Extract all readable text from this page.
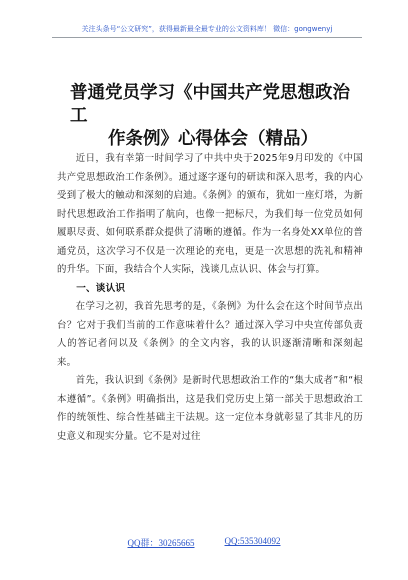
关注头条号“公文研究”，获得最新最全最专业的公文资料库！ 微信：gongwenyj
普通党员学习《中国共产党思想政治工
作条例》心得体会（精品）

近日，我有幸第一时间学习了中共中央于2025年9月印发的《中国共产党思想政治工作条例》。通过逐字逐句的研读和深入思考，我的内心受到了极大的触动和深刻的启迪。《条例》的颁布，犹如一座灯塔，为新时代思想政治工作指明了航向，也像一把标尺，为我们每一位党员如何履职尽责、如何联系群众提供了清晰的遵循。作为一名身处XX单位的普通党员，这次学习不仅是一次理论的充电，更是一次思想的洗礼和精神的升华。下面，我结合个人实际，浅谈几点认识、体会与打算。

一、谈认识

在学习之初，我首先思考的是，《条例》为什么会在这个时间节点出台？它对于我们当前的工作意味着什么？通过深入学习中央宣传部负责人的答记者问以及《条例》的全文内容，我的认识逐渐清晰和深刻起来。

首先，我认识到《条例》是新时代思想政治工作的“集大成者”和“根本遵循”。《条例》明确指出，这是我们党历史上第一部关于思想政治工作的统领性、综合性基础主干法规。这一定位本身就彰显了其非凡的历史意义和现实分量。它不是对过往

QQ群：30265665	QQ:535304092
